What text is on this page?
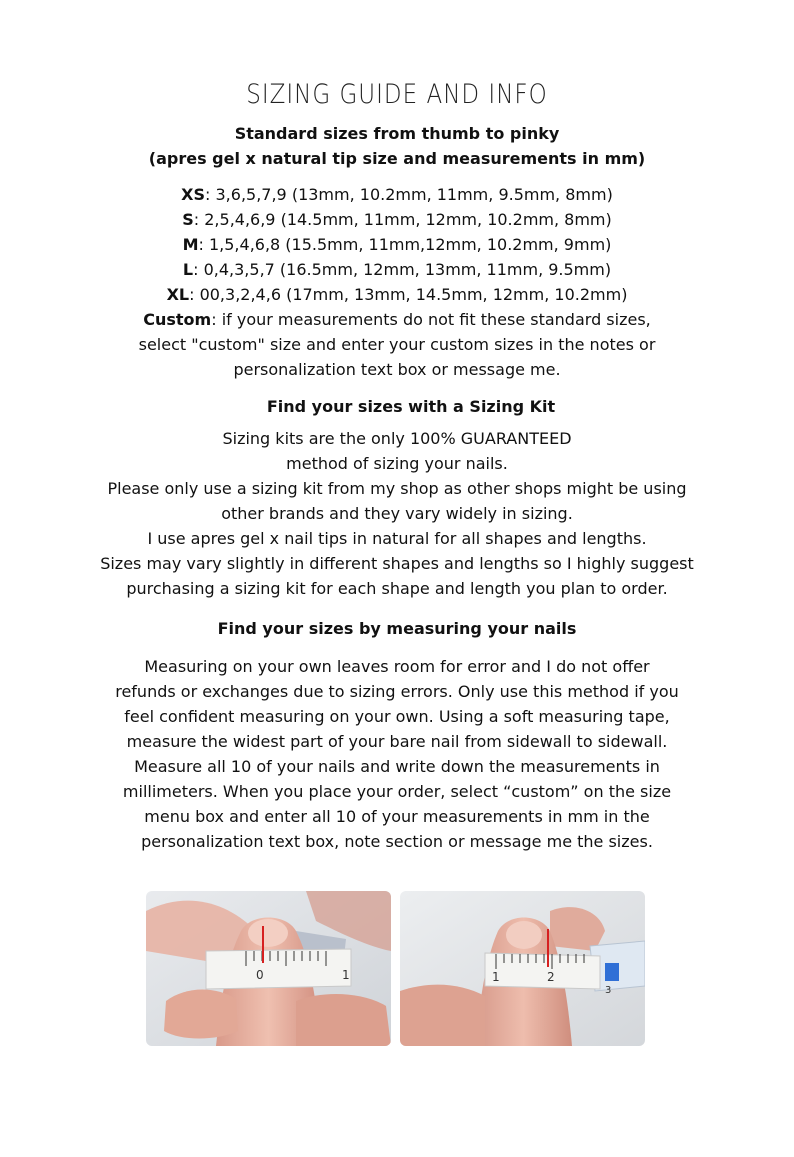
SIZING GUIDE AND INFO
Standard sizes from thumb to pinky
(apres gel x natural tip size and measurements in mm)
XS: 3,6,5,7,9 (13mm, 10.2mm, 11mm, 9.5mm, 8mm)
S: 2,5,4,6,9 (14.5mm, 11mm, 12mm, 10.2mm, 8mm)
M: 1,5,4,6,8 (15.5mm, 11mm,12mm, 10.2mm, 9mm)
L: 0,4,3,5,7 (16.5mm, 12mm, 13mm, 11mm, 9.5mm)
XL: 00,3,2,4,6 (17mm, 13mm, 14.5mm, 12mm, 10.2mm)
Custom: if your measurements do not fit these standard sizes,
select "custom" size and enter your custom sizes in the notes or
personalization text box or message me.
Find your sizes with a Sizing Kit
Sizing kits are the only 100% GUARANTEED
method of sizing your nails.
Please only use a sizing kit from my shop as other shops might be using
other brands and they vary widely in sizing.
I use apres gel x nail tips in natural for all shapes and lengths.
Sizes may vary slightly in different shapes and lengths so I highly suggest
purchasing a sizing kit for each shape and length you plan to order.
Find your sizes by measuring your nails
Measuring on your own leaves room for error and I do not offer
refunds or exchanges due to sizing errors. Only use this method if you
feel confident measuring on your own. Using a soft measuring tape,
measure the widest part of your bare nail from sidewall to sidewall.
Measure all 10 of your nails and write down the measurements in
millimeters. When you place your order, select “custom” on the size
menu box and enter all 10 of your measurements in mm in the
personalization text box, note section or message me the sizes.
0	1	1	2
3
